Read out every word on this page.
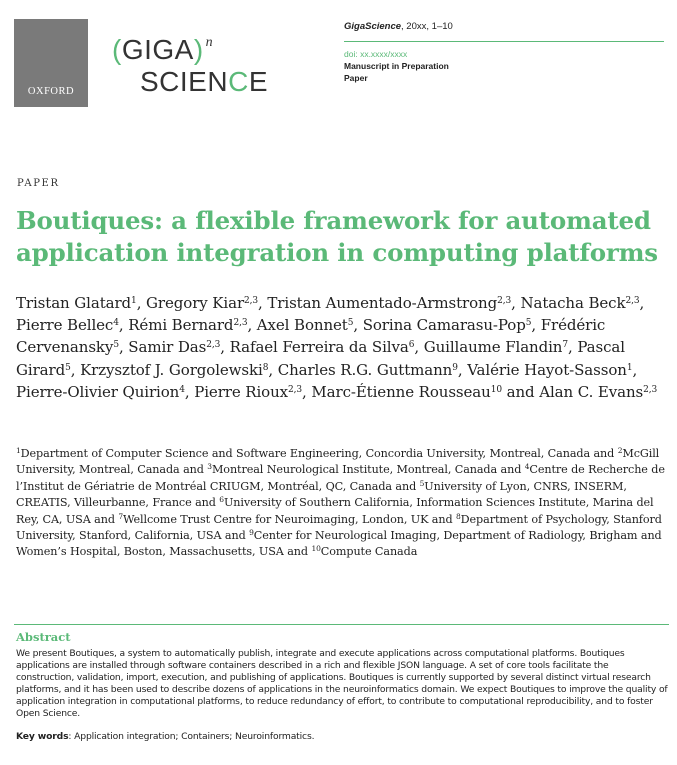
OXFORD
(GIGA) $^n$
SCIENCE
GigaScience, 20xx, 1–10
doi: xx.xxxx/xxxx
Manuscript in Preparation
Paper
PAPER
Boutiques: a flexible framework for automated application integration in computing platforms

Tristan Glatard$^1$, Gregory Kiar$^{2,3}$, Tristan Aumentado-Armstrong$^{2,3}$, Natacha Beck$^{2,3}$, Pierre Bellec$^4$, Rémi Bernard$^{2,3}$, Axel Bonnet$^5$, Sorina Camarasu-Pop$^5$, Frédéric Cervenansky$^5$, Samir Das$^{2,3}$, Rafael Ferreira da Silva$^6$, Guillaume Flandin$^7$, Pascal Girard$^5$, Krzysztof J. Gorgolewski$^8$, Charles R.G. Guttmann$^9$, Valérie Hayot-Sasson$^1$, Pierre-Olivier Quirion$^4$, Pierre Rioux$^{2,3}$, Marc-Étienne Rousseau$^{10}$ and Alan C. Evans$^{2,3}$

$^1$Department of Computer Science and Software Engineering, Concordia University, Montreal, Canada and $^2$McGill University, Montreal, Canada and $^3$Montreal Neurological Institute, Montreal, Canada and $^4$Centre de Recherche de l’Institut de Gériatrie de Montréal CRIUGM, Montréal, QC, Canada and $^5$University of Lyon, CNRS, INSERM, CREATIS, Villeurbanne, France and $^6$University of Southern California, Information Sciences Institute, Marina del Rey, CA, USA and $^7$Wellcome Trust Centre for Neuroimaging, London, UK and $^8$Department of Psychology, Stanford University, Stanford, California, USA and $^9$Center for Neurological Imaging, Department of Radiology, Brigham and Women’s Hospital, Boston, Massachusetts, USA and $^{10}$Compute Canada

Abstract

We present Boutiques, a system to automatically publish, integrate and execute applications across computational platforms. Boutiques applications are installed through software containers described in a rich and flexible JSON language. A set of core tools facilitate the construction, validation, import, execution, and publishing of applications. Boutiques is currently supported by several distinct virtual research platforms, and it has been used to describe dozens of applications in the neuroinformatics domain. We expect Boutiques to improve the quality of application integration in computational platforms, to reduce redundancy of effort, to contribute to computational reproducibility, and to foster Open Science.

Key words: Application integration; Containers; Neuroinformatics.
